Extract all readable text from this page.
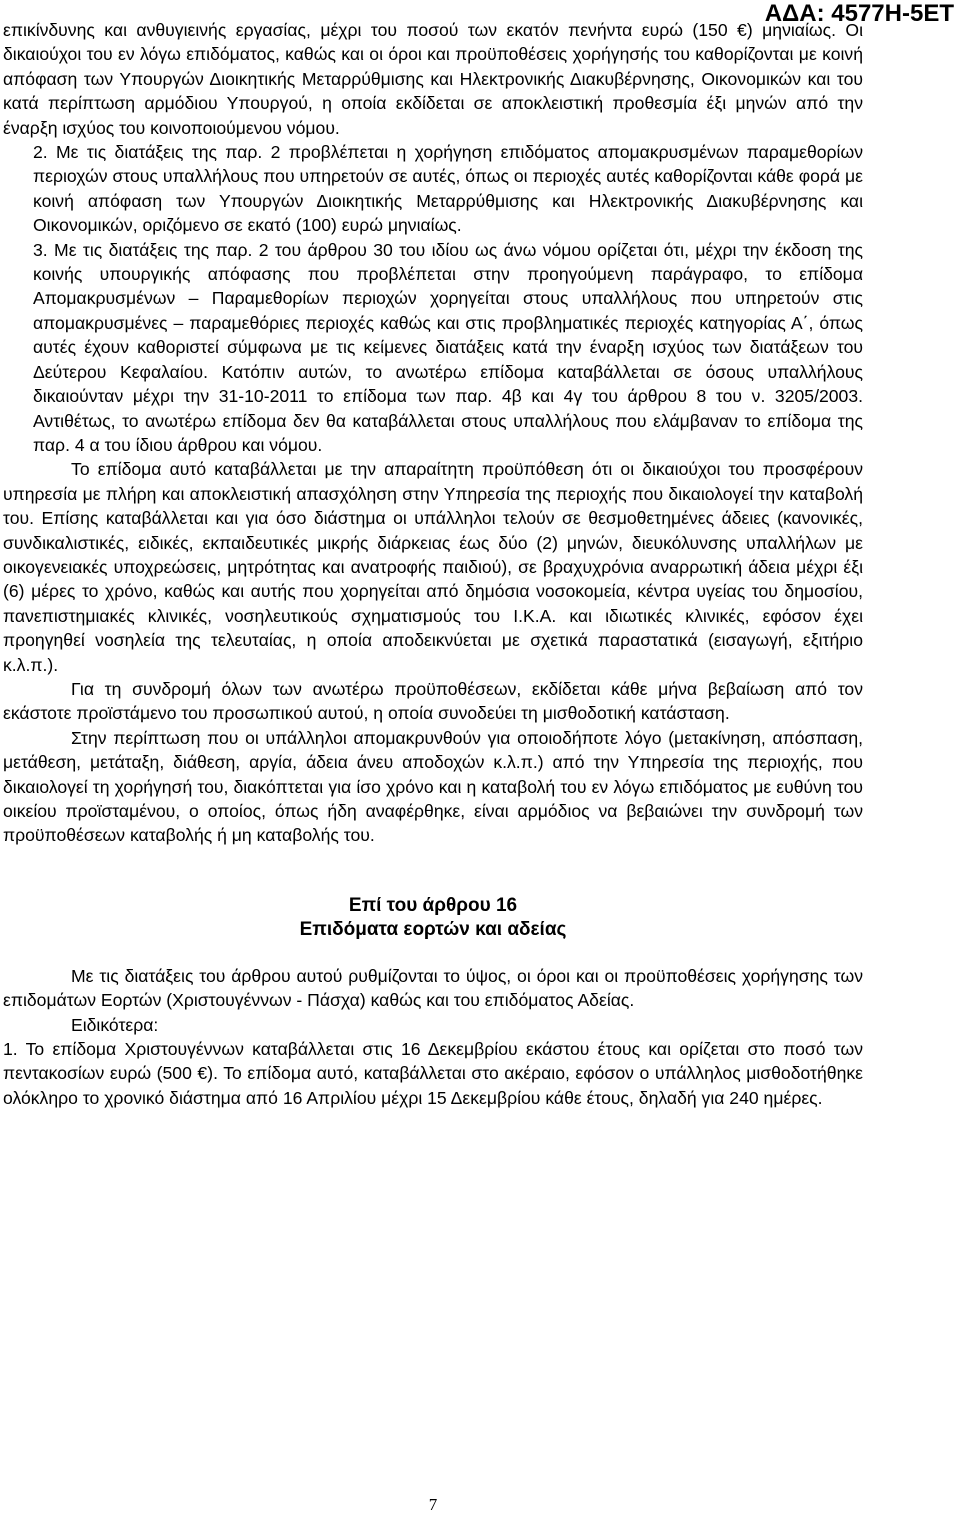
ΑΔΑ: 4577Η-5ΕΤ

επικίνδυνης και ανθυγιεινής εργασίας, μέχρι του ποσού των εκατόν πενήντα ευρώ (150 €) μηνιαίως. Οι δικαιούχοι του εν λόγω επιδόματος, καθώς και οι όροι και προϋποθέσεις χορήγησής του καθορίζονται με κοινή απόφαση των Υπουργών Διοικητικής Μεταρρύθμισης και Ηλεκτρονικής Διακυβέρνησης, Οικονομικών και του κατά περίπτωση αρμόδιου Υπουργού, η οποία εκδίδεται σε αποκλειστική προθεσμία έξι μηνών από την έναρξη ισχύος του κοινοποιούμενου νόμου.

2. Με τις διατάξεις της παρ. 2 προβλέπεται η χορήγηση επιδόματος απομακρυσμένων παραμεθορίων περιοχών στους υπαλλήλους που υπηρετούν σε αυτές, όπως οι περιοχές αυτές καθορίζονται κάθε φορά με κοινή απόφαση των Υπουργών Διοικητικής Μεταρρύθμισης και Ηλεκτρονικής Διακυβέρνησης και Οικονομικών, οριζόμενο σε εκατό (100) ευρώ μηνιαίως.

3. Με τις διατάξεις της παρ. 2 του άρθρου 30 του ιδίου ως άνω νόμου ορίζεται ότι, μέχρι την έκδοση της κοινής υπουργικής απόφασης που προβλέπεται στην προηγούμενη παράγραφο, το επίδομα Απομακρυσμένων – Παραμεθορίων περιοχών χορηγείται στους υπαλλήλους που υπηρετούν στις απομακρυσμένες – παραμεθόριες περιοχές καθώς και στις προβληματικές περιοχές κατηγορίας Α΄, όπως αυτές έχουν καθοριστεί σύμφωνα με τις κείμενες διατάξεις κατά την έναρξη ισχύος των διατάξεων του Δεύτερου Κεφαλαίου. Κατόπιν αυτών, το ανωτέρω επίδομα καταβάλλεται σε όσους υπαλλήλους δικαιούνταν μέχρι την 31-10-2011 το επίδομα των παρ. 4β και 4γ του άρθρου 8 του ν. 3205/2003. Αντιθέτως, το ανωτέρω επίδομα δεν θα καταβάλλεται στους υπαλλήλους που ελάμβαναν το επίδομα της παρ. 4 α του ίδιου άρθρου και νόμου.

Το επίδομα αυτό καταβάλλεται με την απαραίτητη προϋπόθεση ότι οι δικαιούχοι του προσφέρουν υπηρεσία με πλήρη και αποκλειστική απασχόληση στην Υπηρεσία της περιοχής που δικαιολογεί την καταβολή του. Επίσης καταβάλλεται και για όσο διάστημα οι υπάλληλοι τελούν σε θεσμοθετημένες άδειες (κανονικές, συνδικαλιστικές, ειδικές, εκπαιδευτικές μικρής διάρκειας έως δύο (2) μηνών, διευκόλυνσης υπαλλήλων με οικογενειακές υποχρεώσεις, μητρότητας και ανατροφής παιδιού), σε βραχυχρόνια αναρρωτική άδεια μέχρι έξι (6) μέρες το χρόνο, καθώς και αυτής που χορηγείται από δημόσια νοσοκομεία, κέντρα υγείας του δημοσίου, πανεπιστημιακές κλινικές, νοσηλευτικούς σχηματισμούς του Ι.Κ.Α. και ιδιωτικές κλινικές, εφόσον έχει προηγηθεί νοσηλεία της τελευταίας, η οποία αποδεικνύεται με σχετικά παραστατικά (εισαγωγή, εξιτήριο κ.λ.π.).

Για τη συνδρομή όλων των ανωτέρω προϋποθέσεων, εκδίδεται κάθε μήνα βεβαίωση από τον εκάστοτε προϊστάμενο του προσωπικού αυτού, η οποία συνοδεύει τη μισθοδοτική κατάσταση.

Στην περίπτωση που οι υπάλληλοι απομακρυνθούν για οποιοδήποτε λόγο (μετακίνηση, απόσπαση, μετάθεση, μετάταξη, διάθεση, αργία, άδεια άνευ αποδοχών κ.λ.π.) από την Υπηρεσία της περιοχής, που δικαιολογεί τη χορήγησή του, διακόπτεται για ίσο χρόνο και η καταβολή του εν λόγω επιδόματος με ευθύνη του οικείου προϊσταμένου, ο οποίος, όπως ήδη αναφέρθηκε, είναι αρμόδιος να βεβαιώνει την συνδρομή των προϋποθέσεων καταβολής ή μη καταβολής του.

Επί του άρθρου 16

Επιδόματα εορτών και αδείας

Με τις διατάξεις του άρθρου αυτού ρυθμίζονται το ύψος, οι όροι και οι προϋποθέσεις χορήγησης των επιδομάτων Εορτών (Χριστουγέννων - Πάσχα) καθώς και του επιδόματος Αδείας.

Ειδικότερα:

1. Το επίδομα Χριστουγέννων καταβάλλεται στις 16 Δεκεμβρίου εκάστου έτους και ορίζεται στο ποσό των πεντακοσίων ευρώ (500 €). Το επίδομα αυτό, καταβάλλεται στο ακέραιο, εφόσον ο υπάλληλος μισθοδοτήθηκε ολόκληρο το χρονικό διάστημα από 16 Απριλίου μέχρι 15 Δεκεμβρίου κάθε έτους, δηλαδή για 240 ημέρες.

7
